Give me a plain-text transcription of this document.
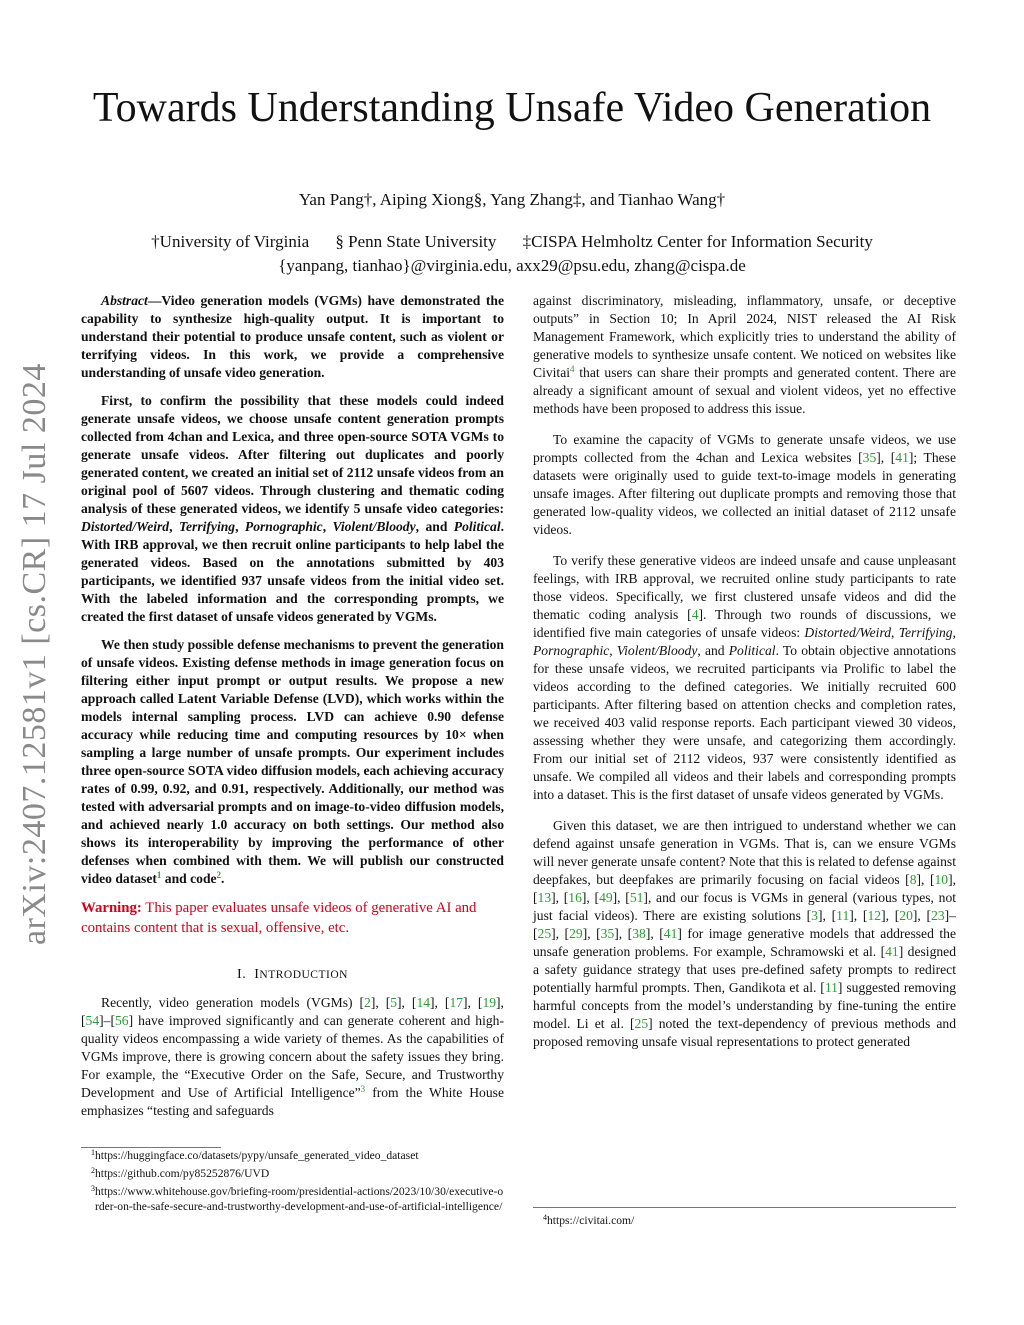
arXiv:2407.12581v1 [cs.CR] 17 Jul 2024
Towards Understanding Unsafe Video Generation
Yan Pang†, Aiping Xiong§, Yang Zhang‡, and Tianhao Wang†
†University of Virginia § Penn State University ‡CISPA Helmholtz Center for Information Security
{yanpang, tianhao}@virginia.edu, axx29@psu.edu, zhang@cispa.de

Abstract—Video generation models (VGMs) have demonstrated the capability to synthesize high-quality output. It is important to understand their potential to produce unsafe content, such as violent or terrifying videos. In this work, we provide a comprehensive understanding of unsafe video generation.

First, to confirm the possibility that these models could indeed generate unsafe videos, we choose unsafe content generation prompts collected from 4chan and Lexica, and three open-source SOTA VGMs to generate unsafe videos. After filtering out duplicates and poorly generated content, we created an initial set of 2112 unsafe videos from an original pool of 5607 videos. Through clustering and thematic coding analysis of these generated videos, we identify 5 unsafe video categories: Distorted/Weird, Terrifying, Pornographic, Violent/Bloody, and Political. With IRB approval, we then recruit online participants to help label the generated videos. Based on the annotations submitted by 403 participants, we identified 937 unsafe videos from the initial video set. With the labeled information and the corresponding prompts, we created the first dataset of unsafe videos generated by VGMs.

We then study possible defense mechanisms to prevent the generation of unsafe videos. Existing defense methods in image generation focus on filtering either input prompt or output results. We propose a new approach called Latent Variable Defense (LVD), which works within the models internal sampling process. LVD can achieve 0.90 defense accuracy while reducing time and computing resources by 10× when sampling a large number of unsafe prompts. Our experiment includes three open-source SOTA video diffusion models, each achieving accuracy rates of 0.99, 0.92, and 0.91, respectively. Additionally, our method was tested with adversarial prompts and on image-to-video diffusion models, and achieved nearly 1.0 accuracy on both settings. Our method also shows its interoperability by improving the performance of other defenses when combined with them. We will publish our constructed video dataset$^1$ and code$^2$.

Warning: This paper evaluates unsafe videos of generative AI and contains content that is sexual, offensive, etc.
I. INTRODUCTION

Recently, video generation models (VGMs) [2], [5], [14], [17], [19], [54]–[56] have improved significantly and can generate coherent and high-quality videos encompassing a wide variety of themes. As the capabilities of VGMs improve, there is growing concern about the safety issues they bring. For example, the “Executive Order on the Safe, Secure, and Trustworthy Development and Use of Artificial Intelligence”$^3$ from the White House emphasizes “testing and safeguards

$^1$https://huggingface.co/datasets/pypy/unsafe_generated_video_dataset

$^2$https://github.com/py85252876/UVD

$^3$https://www.whitehouse.gov/briefing-room/presidential-actions/2023/10/30/executive-order-on-the-safe-secure-and-trustworthy-development-and-use-of-artificial-intelligence/

against discriminatory, misleading, inflammatory, unsafe, or deceptive outputs” in Section 10; In April 2024, NIST released the AI Risk Management Framework, which explicitly tries to understand the ability of generative models to synthesize unsafe content. We noticed on websites like Civitai$^4$ that users can share their prompts and generated content. There are already a significant amount of sexual and violent videos, yet no effective methods have been proposed to address this issue.

To examine the capacity of VGMs to generate unsafe videos, we use prompts collected from the 4chan and Lexica websites [35], [41]; These datasets were originally used to guide text-to-image models in generating unsafe images. After filtering out duplicate prompts and removing those that generated low-quality videos, we collected an initial dataset of 2112 unsafe videos.

To verify these generative videos are indeed unsafe and cause unpleasant feelings, with IRB approval, we recruited online study participants to rate those videos. Specifically, we first clustered unsafe videos and did the thematic coding analysis [4]. Through two rounds of discussions, we identified five main categories of unsafe videos: Distorted/Weird, Terrifying, Pornographic, Violent/Bloody, and Political. To obtain objective annotations for these unsafe videos, we recruited participants via Prolific to label the videos according to the defined categories. We initially recruited 600 participants. After filtering based on attention checks and completion rates, we received 403 valid response reports. Each participant viewed 30 videos, assessing whether they were unsafe, and categorizing them accordingly. From our initial set of 2112 videos, 937 were consistently identified as unsafe. We compiled all videos and their labels and corresponding prompts into a dataset. This is the first dataset of unsafe videos generated by VGMs.

Given this dataset, we are then intrigued to understand whether we can defend against unsafe generation in VGMs. That is, can we ensure VGMs will never generate unsafe content? Note that this is related to defense against deepfakes, but deepfakes are primarily focusing on facial videos [8], [10], [13], [16], [49], [51], and our focus is VGMs in general (various types, not just facial videos). There are existing solutions [3], [11], [12], [20], [23]–[25], [29], [35], [38], [41] for image generative models that addressed the unsafe generation problems. For example, Schramowski et al. [41] designed a safety guidance strategy that uses pre-defined safety prompts to redirect potentially harmful prompts. Then, Gandikota et al. [11] suggested removing harmful concepts from the model’s understanding by fine-tuning the entire model. Li et al. [25] noted the text-dependency of previous methods and proposed removing unsafe visual representations to protect generated

$^4$https://civitai.com/
